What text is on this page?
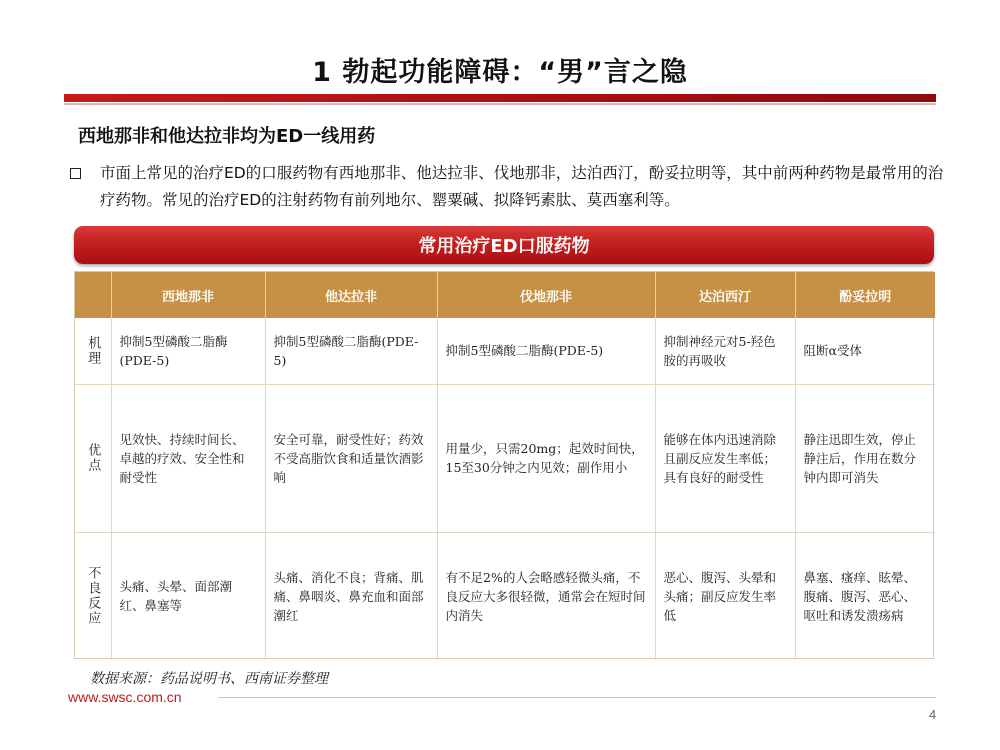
1 勃起功能障碍：“男”言之隐
西地那非和他达拉非均为ED一线用药
市面上常见的治疗ED的口服药物有西地那非、他达拉非、伐地那非，达泊西汀，酚妥拉明等，其中前两种药物是最常用的治疗药物。常见的治疗ED的注射药物有前列地尔、罂粟碱、拟降钙素肽、莫西塞利等。
常用治疗ED口服药物
	西地那非	他达拉非	伐地那非	达泊西汀	酚妥拉明
机理	抑制5型磷酸二脂酶(PDE-5)	抑制5型磷酸二脂酶(PDE-5)	抑制5型磷酸二脂酶(PDE-5)	抑制神经元对5-羟色胺的再吸收	阻断α受体
优点	见效快、持续时间长、卓越的疗效、安全性和耐受性	安全可靠，耐受性好；药效不受高脂饮食和适量饮酒影响	用量少，只需20mg；起效时间快，15至30分钟之内见效；副作用小	能够在体内迅速消除且副反应发生率低；具有良好的耐受性	静注迅即生效，停止静注后，作用在数分钟内即可消失
不良反应	头痛、头晕、面部潮红、鼻塞等	头痛、消化不良；背痛、肌痛、鼻咽炎、鼻充血和面部潮红	有不足2%的人会略感轻微头痛，不良反应大多很轻微，通常会在短时间内消失	恶心、腹泻、头晕和头痛；副反应发生率低	鼻塞、瘙痒、眩晕、腹痛、腹泻、恶心、呕吐和诱发溃疡病
数据来源：药品说明书、西南证券整理
www.swsc.com.cn
4
